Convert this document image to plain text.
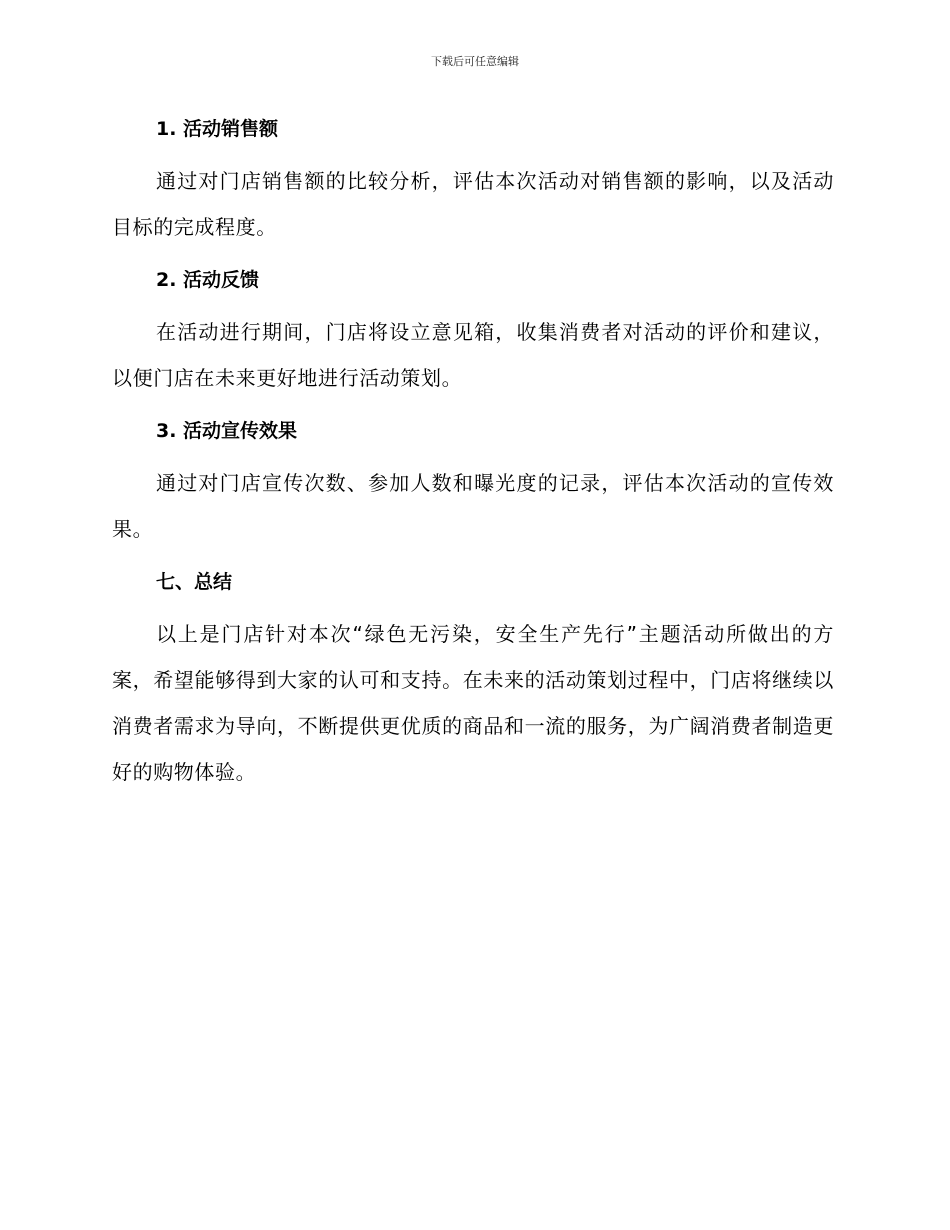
下载后可任意编辑
1. 活动销售额

通过对门店销售额的比较分析，评估本次活动对销售额的影响，以及活动目标的完成程度。

2. 活动反馈

在活动进行期间，门店将设立意见箱，收集消费者对活动的评价和建议，以便门店在未来更好地进行活动策划。

3. 活动宣传效果

通过对门店宣传次数、参加人数和曝光度的记录，评估本次活动的宣传效果。

七、总结

以上是门店针对本次“绿色无污染，安全生产先行”主题活动所做出的方案，希望能够得到大家的认可和支持。在未来的活动策划过程中，门店将继续以消费者需求为导向，不断提供更优质的商品和一流的服务，为广阔消费者制造更好的购物体验。
